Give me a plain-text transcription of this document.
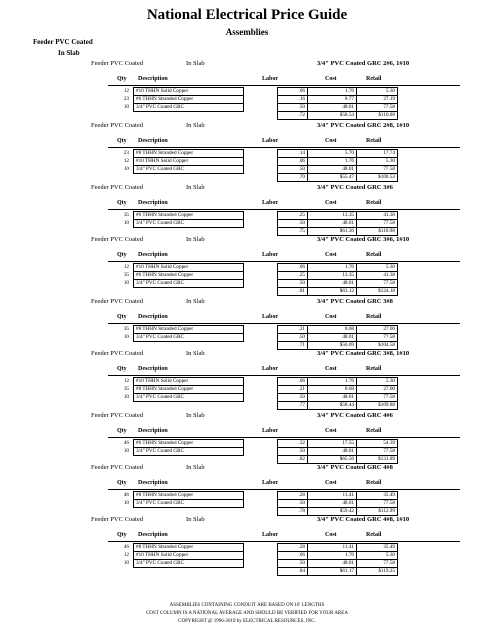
National Electrical Price Guide
Assemblies
Feeder PVC Coated
In Slab
Feeder PVC Coated	In Slab	3/4" PVC Coated GRC 2#6, 1#10
Qty Description	Labor	Cost	Retail
12	#10 THHN Solid Copper		.06	1.76	5.30
23	#6 THHN Stranded Copper		.16	8.77	27.19
10	3/4" PVC Coated GRC		.50	48.01	77.58
			.72	$58.54	$110.08
Feeder PVC Coated	In Slab	3/4" PVC Coated GRC 2#8, 1#10
Qty Description	Labor	Cost	Retail
23	#8 THHN Stranded Copper		.14	5.70	17.74
12	#10 THHN Solid Copper		.06	1.76	5.30
10	3/4" PVC Coated GRC		.50	48.01	77.58
			.70	$55.47	$100.53
Feeder PVC Coated	In Slab	3/4" PVC Coated GRC 3#6
Qty Description	Labor	Cost	Retail
35	#6 THHN Stranded Copper		.25	13.35	41.38
10	3/4" PVC Coated GRC		.50	48.01	77.58
			.75	$61.36	$118.98
Feeder PVC Coated	In Slab	3/4" PVC Coated GRC 3#6, 1#10
Qty Description	Labor	Cost	Retail
12	#10 THHN Solid Copper		.06	1.76	5.30
35	#6 THHN Stranded Copper		.25	13.35	41.38
10	3/4" PVC Coated GRC		.50	48.01	77.58
			.81	$63.12	$124.18
Feeder PVC Coated	In Slab	3/4" PVC Coated GRC 3#8
Qty Description	Labor	Cost	Retail
35	#8 THHN Stranded Copper		.21	8.68	27.00
10	3/4" PVC Coated GRC		.50	48.01	77.58
			.71	$56.69	$104.58
Feeder PVC Coated	In Slab	3/4" PVC Coated GRC 3#8, 1#10
Qty Description	Labor	Cost	Retail
12	#10 THHN Solid Copper		.06	1.76	5.30
35	#8 THHN Stranded Copper		.21	8.68	27.00
10	3/4" PVC Coated GRC		.50	48.01	77.58
			.77	$58.44	$109.88
Feeder PVC Coated	In Slab	3/4" PVC Coated GRC 4#6
Qty Description	Labor	Cost	Retail
46	#6 THHN Stranded Copper		.32	17.55	54.39
10	3/4" PVC Coated GRC		.50	48.01	77.58
			.82	$65.56	$131.89
Feeder PVC Coated	In Slab	3/4" PVC Coated GRC 4#8
Qty Description	Labor	Cost	Retail
46	#8 THHN Stranded Copper		.28	11.41	35.49
10	3/4" PVC Coated GRC		.50	48.01	77.58
			.78	$59.42	$112.99
Feeder PVC Coated	In Slab	3/4" PVC Coated GRC 4#8, 1#10
Qty Description	Labor	Cost	Retail
46	#8 THHN Stranded Copper		.28	11.41	35.49
12	#10 THHN Solid Copper		.06	1.76	5.30
10	3/4" PVC Coated GRC		.50	48.01	77.58
			.84	$61.17	$119.25
ASSEMBLIES CONTAINING CONDUIT ARE BASED ON 10' LENGTHS
COST COLUMN IS A NATIONAL AVERAGE AND SHOULD BE VERIFIED FOR YOUR AREA
COPYRIGHT @ 1996-2019 by ELECTRICAL RESOURCES, INC.
